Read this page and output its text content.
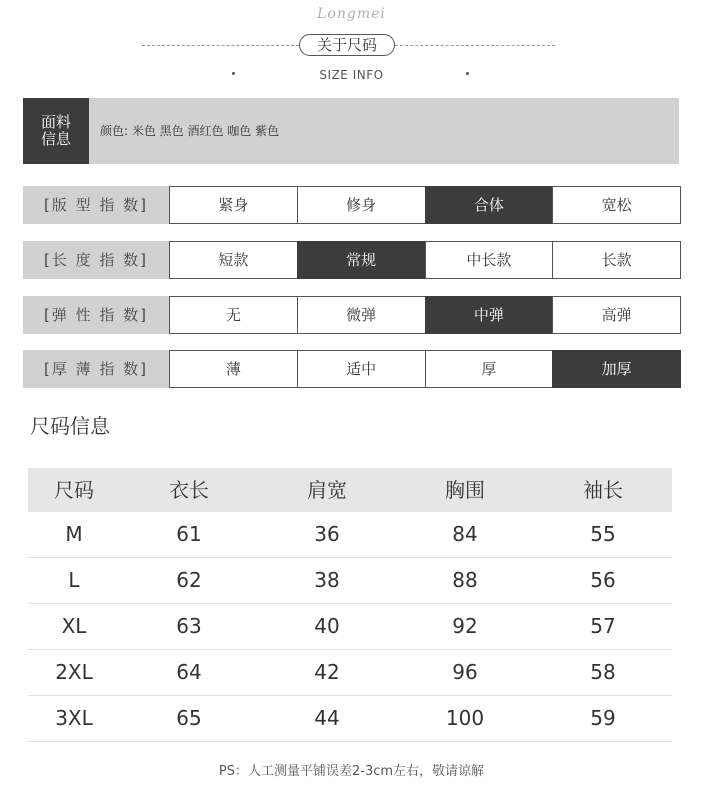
Longmei
关于尺码
SIZE INFO
面料
信息 颜色: 米色 黑色 酒红色 咖色 紫色
[版 型 指 数]	紧身	修身	合体	宽松
[长 度 指 数]	短款	常规	中长款	长款
[弹 性 指 数]	无	微弹	中弹	高弹
[厚 薄 指 数]	薄	适中	厚	加厚
尺码信息
尺码	衣长	肩宽	胸围	袖长
M	61	36	84	55
L	62	38	88	56
XL	63	40	92	57
2XL	64	42	96	58
3XL	65	44	100	59
PS：人工测量平铺误差2-3cm左右，敬请谅解
